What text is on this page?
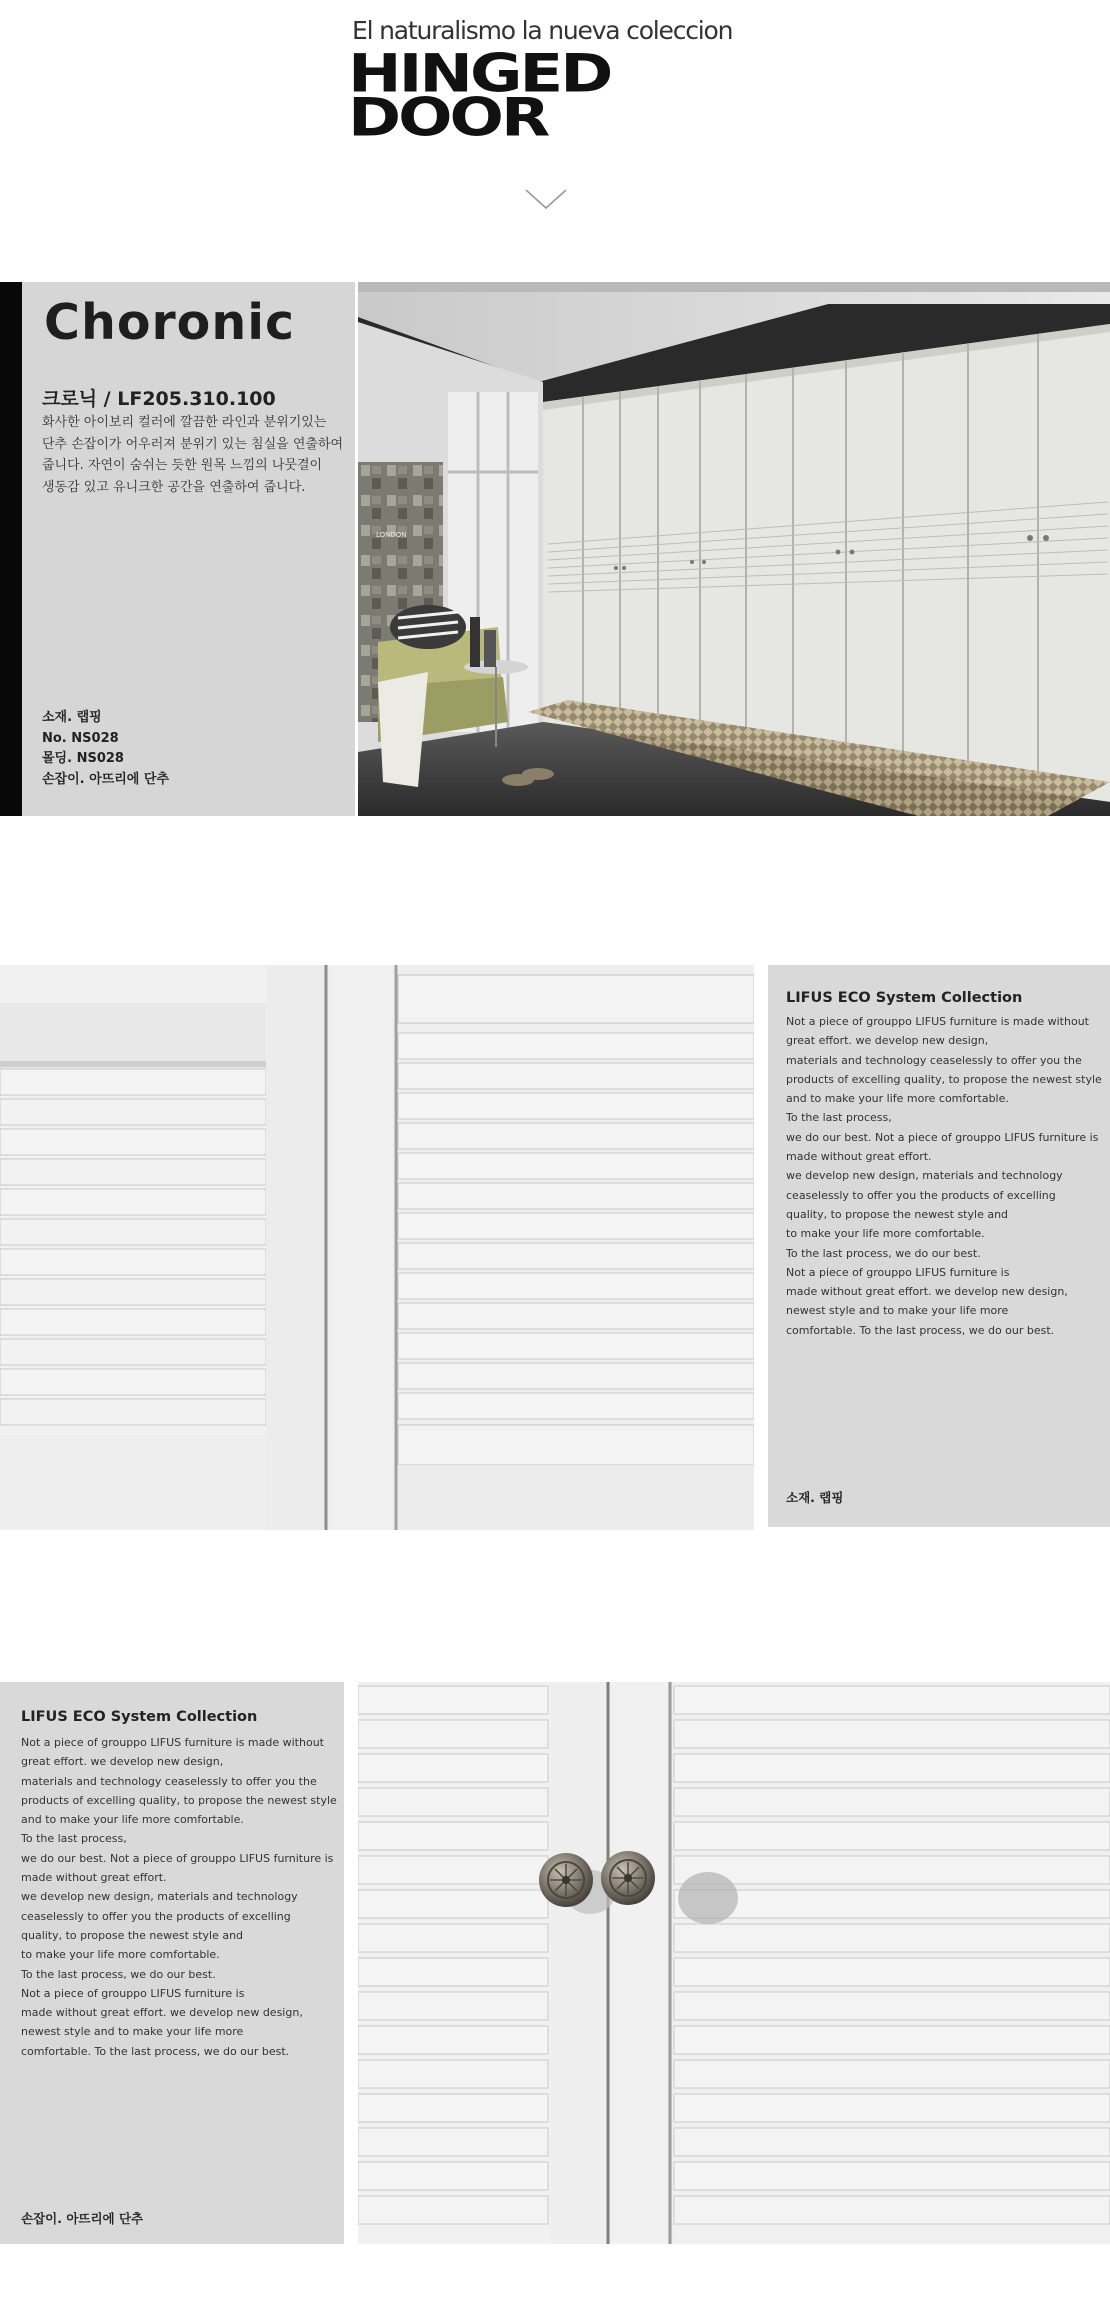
El naturalismo la nueva coleccion
HINGED
DOOR
Choronic
크로닉 / LF205.310.100
화사한 아이보리 컬러에 깔끔한 라인과 분위기있는
단추 손잡이가 어우러져 분위기 있는 침실을 연출하여
줍니다. 자연이 숨쉬는 듯한 원목 느낌의 나뭇결이
생동감 있고 유니크한 공간을 연출하여 줍니다.
소재. 랩핑
No. NS028
몰딩. NS028
손잡이. 아뜨리에 단추
LONDON
LIFUS ECO System Collection
Not a piece of grouppo LIFUS furniture is made without
great effort. we develop new design,
materials and technology ceaselessly to offer you the
products of excelling quality, to propose the newest style
and to make your life more comfortable.
To the last process,
we do our best. Not a piece of grouppo LIFUS furniture is
made without great effort.
we develop new design, materials and technology
ceaselessly to offer you the products of excelling
quality, to propose the newest style and
to make your life more comfortable.
To the last process, we do our best.
Not a piece of grouppo LIFUS furniture is
made without great effort. we develop new design,
newest style and to make your life more
comfortable. To the last process, we do our best.
소재. 랩핑
LIFUS ECO System Collection
Not a piece of grouppo LIFUS furniture is made without
great effort. we develop new design,
materials and technology ceaselessly to offer you the
products of excelling quality, to propose the newest style
and to make your life more comfortable.
To the last process,
we do our best. Not a piece of grouppo LIFUS furniture is
made without great effort.
we develop new design, materials and technology
ceaselessly to offer you the products of excelling
quality, to propose the newest style and
to make your life more comfortable.
To the last process, we do our best.
Not a piece of grouppo LIFUS furniture is
made without great effort. we develop new design,
newest style and to make your life more
comfortable. To the last process, we do our best.
손잡이. 아뜨리에 단추
